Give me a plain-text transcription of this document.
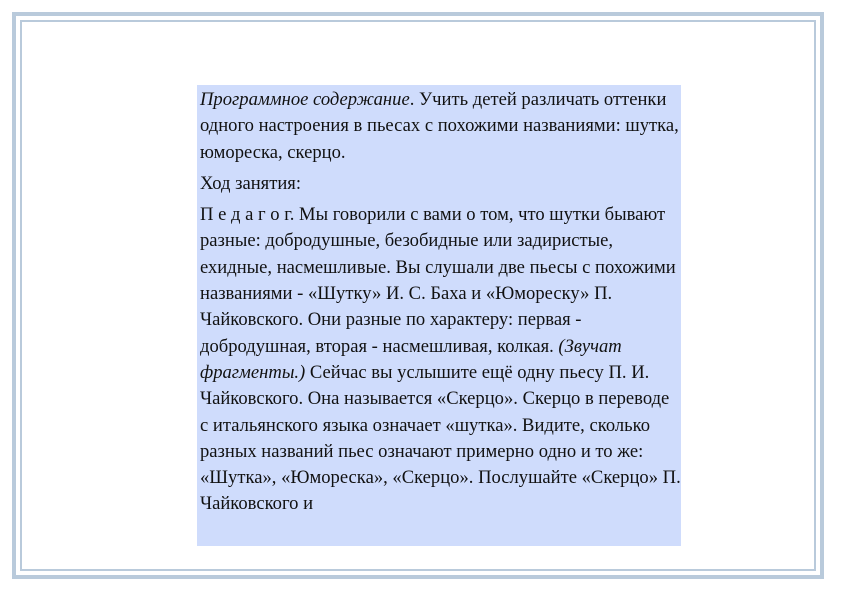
Программное содержание. Учить детей различать оттенки одного настроения в пьесах с похожими названиями: шутка, юмореска, скерцо.

Ход занятия:

П е д а г о г. Мы говорили с вами о том, что шутки бывают разные: добродушные, безобидные или задиристые, ехидные, насмешливые. Вы слушали две пьесы с похожими названиями - «Шутку» И. С. Баха и «Юмореску» П. Чайковского. Они разные по характеру: первая - добродушная, вторая - насмешливая, колкая. (Звучат фрагменты.) Сейчас вы услышите ещё одну пьесу П. И. Чайковского. Она называется «Скерцо». Скерцо в переводе с итальянского языка означает «шутка». Видите, сколько разных названий пьес означают примерно одно и то же: «Шутка», «Юмореска», «Скерцо». Послушайте «Скерцо» П. Чайковского и
